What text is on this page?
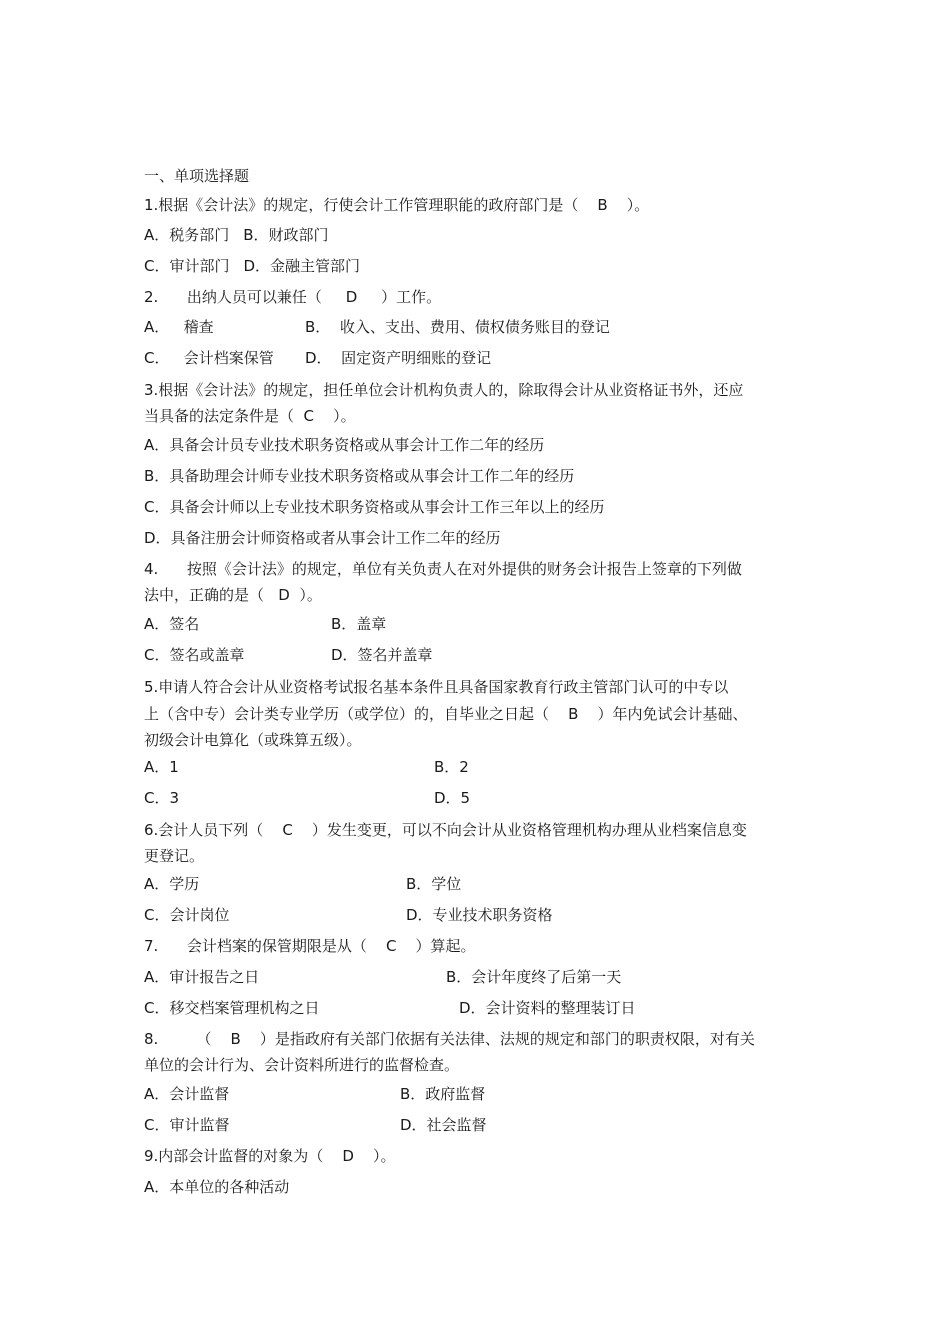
一、单项选择题
1.根据《会计法》的规定，行使会计工作管理职能的政府部门是（    B    ）。
A．税务部门 B．财政部门
C．审计部门 D．金融主管部门
2.      出纳人员可以兼任（     D     ）工作。
A．   稽查	B．  收入、支出、费用、债权债务账目的登记
C．   会计档案保管 D．  固定资产明细账的登记
3.根据《会计法》的规定，担任单位会计机构负责人的，除取得会计从业资格证书外，还应
当具备的法定条件是（  C    ）。
A．具备会计员专业技术职务资格或从事会计工作二年的经历
B．具备助理会计师专业技术职务资格或从事会计工作二年的经历
C．具备会计师以上专业技术职务资格或从事会计工作三年以上的经历
D．具备注册会计师资格或者从事会计工作二年的经历
4.      按照《会计法》的规定，单位有关负责人在对外提供的财务会计报告上签章的下列做
法中，正确的是（   D  ）。
A．签名	B．盖章
C．签名或盖章	D．签名并盖章
5.申请人符合会计从业资格考试报名基本条件且具备国家教育行政主管部门认可的中专以
上（含中专）会计类专业学历（或学位）的，自毕业之日起（    B    ）年内免试会计基础、
初级会计电算化（或珠算五级）。
A．1	B．2
C．3	D．5
6.会计人员下列（    C    ）发生变更，可以不向会计从业资格管理机构办理从业档案信息变
更登记。
A．学历	B．学位
C．会计岗位	D．专业技术职务资格
7.      会计档案的保管期限是从（    C    ）算起。
A．审计报告之日	B．会计年度终了后第一天
C．移交档案管理机构之日	D．会计资料的整理装订日
8.        （    B    ）是指政府有关部门依据有关法律、法规的规定和部门的职责权限，对有关
单位的会计行为、会计资料所进行的监督检查。
A．会计监督	B．政府监督
C．审计监督	D．社会监督
9.内部会计监督的对象为（    D    ）。
A．本单位的各种活动
